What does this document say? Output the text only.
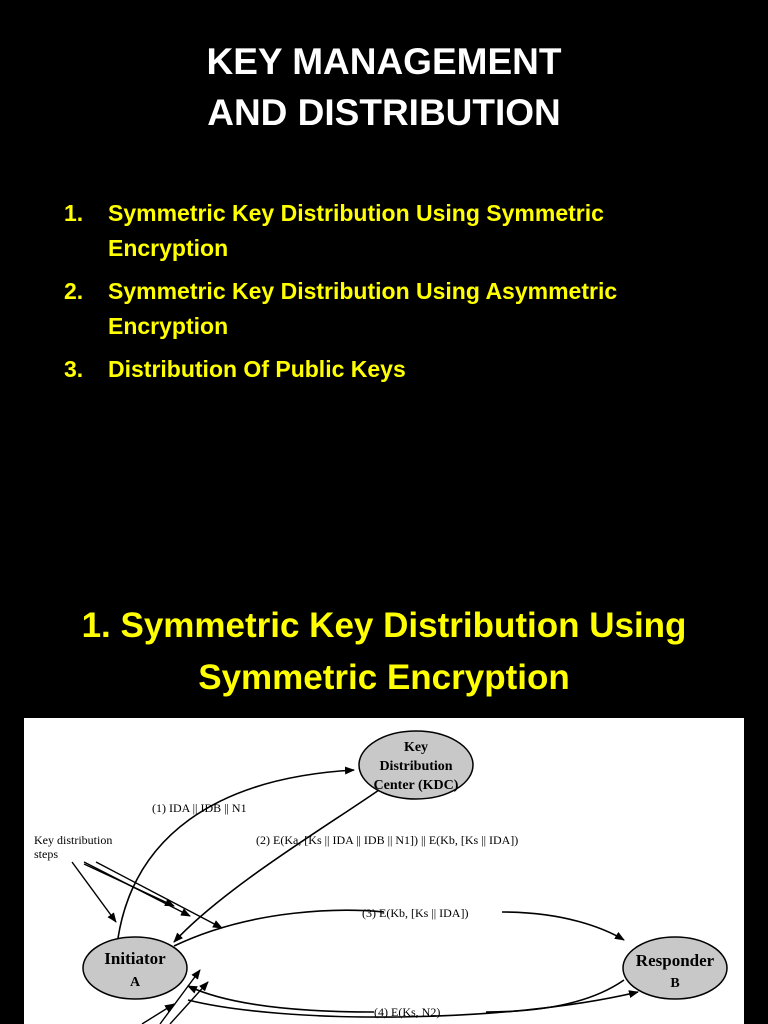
KEY MANAGEMENT
AND DISTRIBUTION
1.	Symmetric Key Distribution Using Symmetric Encryption
2.	Symmetric Key Distribution Using Asymmetric Encryption
3.	Distribution Of Public Keys
1. Symmetric Key Distribution Using
Symmetric Encryption
Key
Distribution
Center (KDC)
Initiator
A
Responder
B
(1) IDA || IDB || N1
(2) E(Ka, [Ks || IDA || IDB || N1]) || E(Kb, [Ks || IDA])
(3) E(Kb, [Ks || IDA])
(4) E(Ks, N2)
Key distribution
steps
